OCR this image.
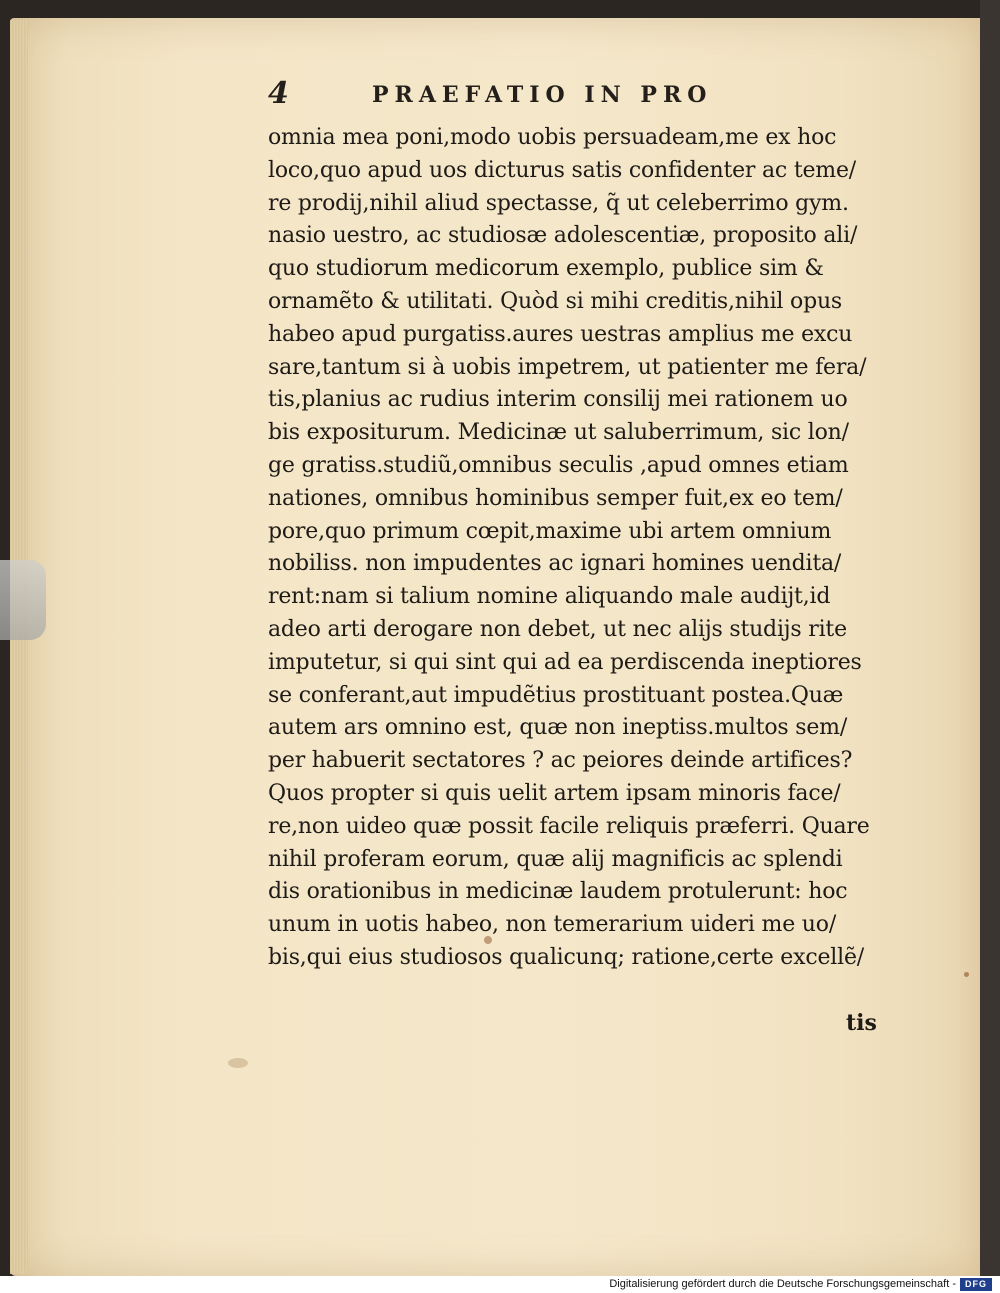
4	PRAEFATIO IN PRO
omnia mea poni,modo uobis persuadeam,me ex hoc
loco,quo apud uos dicturus satis confidenter ac teme/
re prodij,nihil aliud spectasse, q̃ ut celeberrimo gym.
nasio uestro, ac studiosæ adolescentiæ, proposito ali/
quo studiorum medicorum exemplo, publice sim &
ornamẽto & utilitati. Quòd si mihi creditis,nihil opus
habeo apud purgatiss.aures uestras amplius me excu
sare,tantum si à uobis impetrem, ut patienter me fera/
tis,planius ac rudius interim consilij mei rationem uo
bis expositurum. Medicinæ ut saluberrimum, sic lon/
ge gratiss.studiũ,omnibus seculis ,apud omnes etiam
nationes, omnibus hominibus semper fuit,ex eo tem/
pore,quo primum cœpit,maxime ubi artem omnium
nobiliss. non impudentes ac ignari homines uendita/
rent:nam si talium nomine aliquando male audijt,id
adeo arti derogare non debet, ut nec alijs studijs rite
imputetur, si qui sint qui ad ea perdiscenda ineptiores
se conferant,aut impudẽtius prostituant postea.Quæ
autem ars omnino est, quæ non ineptiss.multos sem/
per habuerit sectatores ? ac peiores deinde artifices?
Quos propter si quis uelit artem ipsam minoris face/
re,non uideo quæ possit facile reliquis præferri. Quare
nihil proferam eorum, quæ alij magnificis ac splendi
dis orationibus in medicinæ laudem protulerunt: hoc
unum in uotis habeo, non temerarium uideri me uo/
bis,qui eius studiosos qualicunq; ratione,certe excellẽ/
tis
Digitalisierung gefördert durch die Deutsche Forschungsgemeinschaft -	DFG
